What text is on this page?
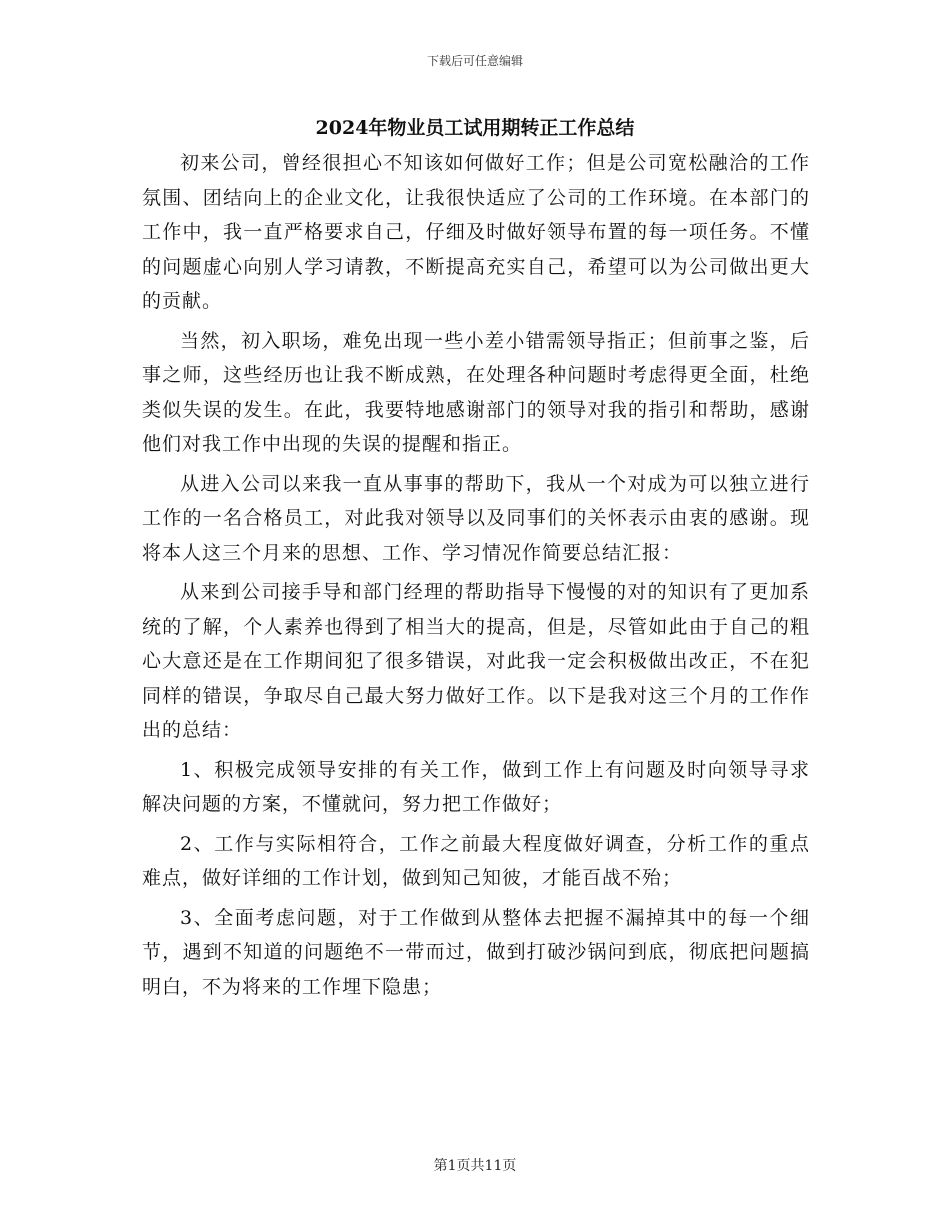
下载后可任意编辑
2024年物业员工试用期转正工作总结

初来公司，曾经很担心不知该如何做好工作；但是公司宽松融洽的工作氛围、团结向上的企业文化，让我很快适应了公司的工作环境。在本部门的工作中，我一直严格要求自己，仔细及时做好领导布置的每一项任务。不懂的问题虚心向别人学习请教，不断提高充实自己，希望可以为公司做出更大的贡献。

当然，初入职场，难免出现一些小差小错需领导指正；但前事之鉴，后事之师，这些经历也让我不断成熟，在处理各种问题时考虑得更全面，杜绝类似失误的发生。在此，我要特地感谢部门的领导对我的指引和帮助，感谢他们对我工作中出现的失误的提醒和指正。

从进入公司以来我一直从事事的帮助下，我从一个对成为可以独立进行工作的一名合格员工，对此我对领导以及同事们的关怀表示由衷的感谢。现将本人这三个月来的思想、工作、学习情况作简要总结汇报：

从来到公司接手导和部门经理的帮助指导下慢慢的对的知识有了更加系统的了解，个人素养也得到了相当大的提高，但是，尽管如此由于自己的粗心大意还是在工作期间犯了很多错误，对此我一定会积极做出改正，不在犯同样的错误，争取尽自己最大努力做好工作。以下是我对这三个月的工作作出的总结：

1、积极完成领导安排的有关工作，做到工作上有问题及时向领导寻求解决问题的方案，不懂就问，努力把工作做好；

2、工作与实际相符合，工作之前最大程度做好调查，分析工作的重点难点，做好详细的工作计划，做到知己知彼，才能百战不殆；

3、全面考虑问题，对于工作做到从整体去把握不漏掉其中的每一个细节，遇到不知道的问题绝不一带而过，做到打破沙锅问到底，彻底把问题搞明白，不为将来的工作埋下隐患；

第1页共11页
